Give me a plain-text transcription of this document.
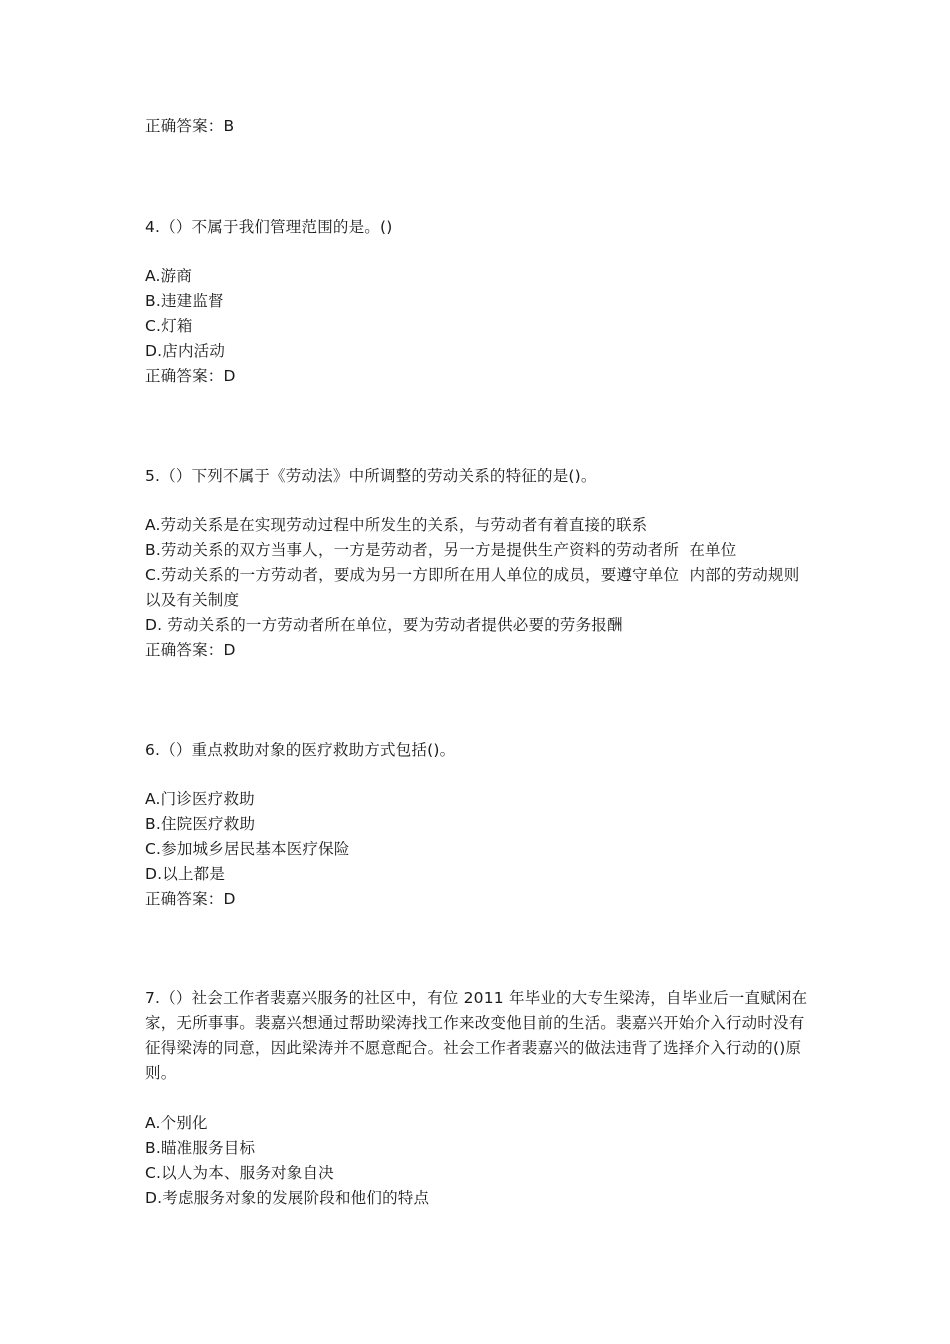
正确答案：B
4.（）不属于我们管理范围的是。()
A.游商
B.违建监督
C.灯箱
D.店内活动
正确答案：D
5.（）下列不属于《劳动法》中所调整的劳动关系的特征的是()。
A.劳动关系是在实现劳动过程中所发生的关系，与劳动者有着直接的联系
B.劳动关系的双方当事人，一方是劳动者，另一方是提供生产资料的劳动者所  在单位
C.劳动关系的一方劳动者，要成为另一方即所在用人单位的成员，要遵守单位  内部的劳动规则以及有关制度
D. 劳动关系的一方劳动者所在单位，要为劳动者提供必要的劳务报酬
正确答案：D
6.（）重点救助对象的医疗救助方式包括()。
A.门诊医疗救助
B.住院医疗救助
C.参加城乡居民基本医疗保险
D.以上都是
正确答案：D
7.（）社会工作者裴嘉兴服务的社区中，有位 2011 年毕业的大专生梁涛，自毕业后一直赋闲在家，无所事事。裴嘉兴想通过帮助梁涛找工作来改变他目前的生活。裴嘉兴开始介入行动时没有征得梁涛的同意，因此梁涛并不愿意配合。社会工作者裴嘉兴的做法违背了选择介入行动的()原则。
A.个别化
B.瞄准服务目标
C.以人为本、服务对象自决
D.考虑服务对象的发展阶段和他们的特点
